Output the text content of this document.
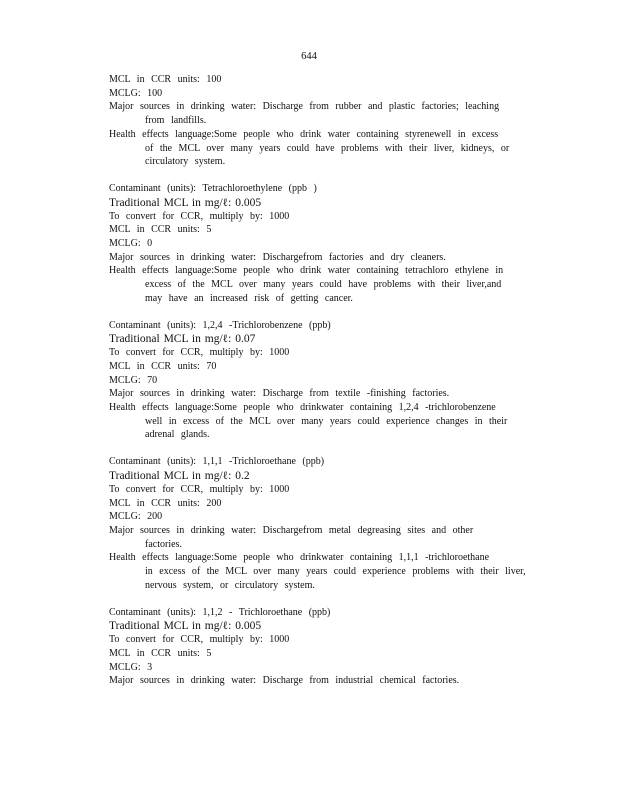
644
MCL in CCR units: 100
MCLG: 100
Major sources in drinking water: Discharge from rubber and plastic factories; leaching
from landfills.
Health effects language:Some people who drink water containing styrenewell in excess
of the MCL over many years could have problems with their liver, kidneys, or
circulatory system.
Contaminant (units): Tetrachloroethylene (ppb )
Traditional MCL in mg/ℓ: 0.005
To convert for CCR, multiply by: 1000
MCL in CCR units: 5
MCLG: 0
Major sources in drinking water: Dischargefrom factories and dry cleaners.
Health effects language:Some people who drink water containing tetrachloro ethylene in
excess of the MCL over many years could have problems with their liver,and
may have an increased risk of getting cancer.
Contaminant (units): 1,2,4 -Trichlorobenzene (ppb)
Traditional MCL in mg/ℓ: 0.07
To convert for CCR, multiply by: 1000
MCL in CCR units: 70
MCLG: 70
Major sources in drinking water: Discharge from textile -finishing factories.
Health effects language:Some people who drinkwater containing 1,2,4 -trichlorobenzene
well in excess of the MCL over many years could experience changes in their
adrenal glands.
Contaminant (units): 1,1,1 -Trichloroethane (ppb)
Traditional MCL in mg/ℓ: 0.2
To convert for CCR, multiply by: 1000
MCL in CCR units: 200
MCLG: 200
Major sources in drinking water: Dischargefrom metal degreasing sites and other
factories.
Health effects language:Some people who drinkwater containing 1,1,1 -trichloroethane
in excess of the MCL over many years could experience problems with their liver,
nervous system, or circulatory system.
Contaminant (units): 1,1,2 - Trichloroethane (ppb)
Traditional MCL in mg/ℓ: 0.005
To convert for CCR, multiply by: 1000
MCL in CCR units: 5
MCLG: 3
Major sources in drinking water: Discharge from industrial chemical factories.
